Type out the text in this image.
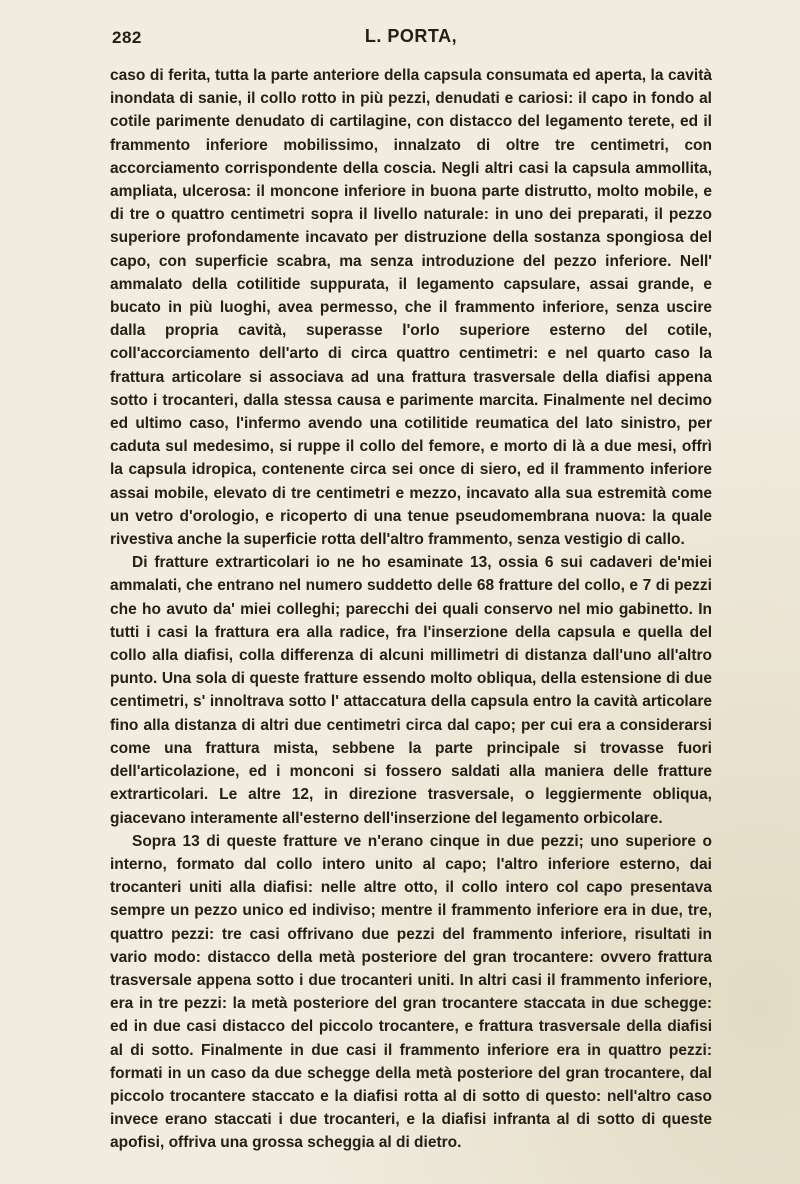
282	L. PORTA,

caso di ferita, tutta la parte anteriore della capsula consumata ed aperta, la cavità inondata di sanie, il collo rotto in più pezzi, denudati e cariosi: il capo in fondo al cotile parimente denudato di cartilagine, con distacco del legamento terete, ed il frammento inferiore mobilissimo, innalzato di oltre tre centimetri, con accorciamento corrispondente della coscia. Negli altri casi la capsula ammollita, ampliata, ulcerosa: il moncone inferiore in buona parte distrutto, molto mobile, e di tre o quattro centimetri sopra il livello naturale: in uno dei preparati, il pezzo superiore profondamente incavato per distruzione della sostanza spongiosa del capo, con superficie scabra, ma senza introduzione del pezzo inferiore. Nell' ammalato della cotilitide suppurata, il legamento capsulare, assai grande, e bucato in più luoghi, avea permesso, che il frammento inferiore, senza uscire dalla propria cavità, superasse l'orlo superiore esterno del cotile, coll'accorciamento dell'arto di circa quattro centimetri: e nel quarto caso la frattura articolare si associava ad una frattura trasversale della diafisi appena sotto i trocanteri, dalla stessa causa e parimente marcita. Finalmente nel decimo ed ultimo caso, l'infermo avendo una cotilitide reumatica del lato sinistro, per caduta sul medesimo, si ruppe il collo del femore, e morto di là a due mesi, offrì la capsula idropica, contenente circa sei once di siero, ed il frammento inferiore assai mobile, elevato di tre centimetri e mezzo, incavato alla sua estremità come un vetro d'orologio, e ricoperto di una tenue pseudomembrana nuova: la quale rivestiva anche la superficie rotta dell'altro frammento, senza vestigio di callo.

Di fratture extrarticolari io ne ho esaminate 13, ossia 6 sui cadaveri de'miei ammalati, che entrano nel numero suddetto delle 68 fratture del collo, e 7 di pezzi che ho avuto da' miei colleghi; parecchi dei quali conservo nel mio gabinetto. In tutti i casi la frattura era alla radice, fra l'inserzione della capsula e quella del collo alla diafisi, colla differenza di alcuni millimetri di distanza dall'uno all'altro punto. Una sola di queste fratture essendo molto obliqua, della estensione di due centimetri, s' innoltrava sotto l' attaccatura della capsula entro la cavità articolare fino alla distanza di altri due centimetri circa dal capo; per cui era a considerarsi come una frattura mista, sebbene la parte principale si trovasse fuori dell'articolazione, ed i monconi si fossero saldati alla maniera delle fratture extrarticolari. Le altre 12, in direzione trasversale, o leggiermente obliqua, giacevano interamente all'esterno dell'inserzione del legamento orbicolare.

Sopra 13 di queste fratture ve n'erano cinque in due pezzi; uno superiore o interno, formato dal collo intero unito al capo; l'altro inferiore esterno, dai trocanteri uniti alla diafisi: nelle altre otto, il collo intero col capo presentava sempre un pezzo unico ed indiviso; mentre il frammento inferiore era in due, tre, quattro pezzi: tre casi offrivano due pezzi del frammento inferiore, risultati in vario modo: distacco della metà posteriore del gran trocantere: ovvero frattura trasversale appena sotto i due trocanteri uniti. In altri casi il frammento inferiore, era in tre pezzi: la metà posteriore del gran trocantere staccata in due schegge: ed in due casi distacco del piccolo trocantere, e frattura trasversale della diafisi al di sotto. Finalmente in due casi il frammento inferiore era in quattro pezzi: formati in un caso da due schegge della metà posteriore del gran trocantere, dal piccolo trocantere staccato e la diafisi rotta al di sotto di questo: nell'altro caso invece erano staccati i due trocanteri, e la diafisi infranta al di sotto di queste apofisi, offriva una grossa scheggia al di dietro.
